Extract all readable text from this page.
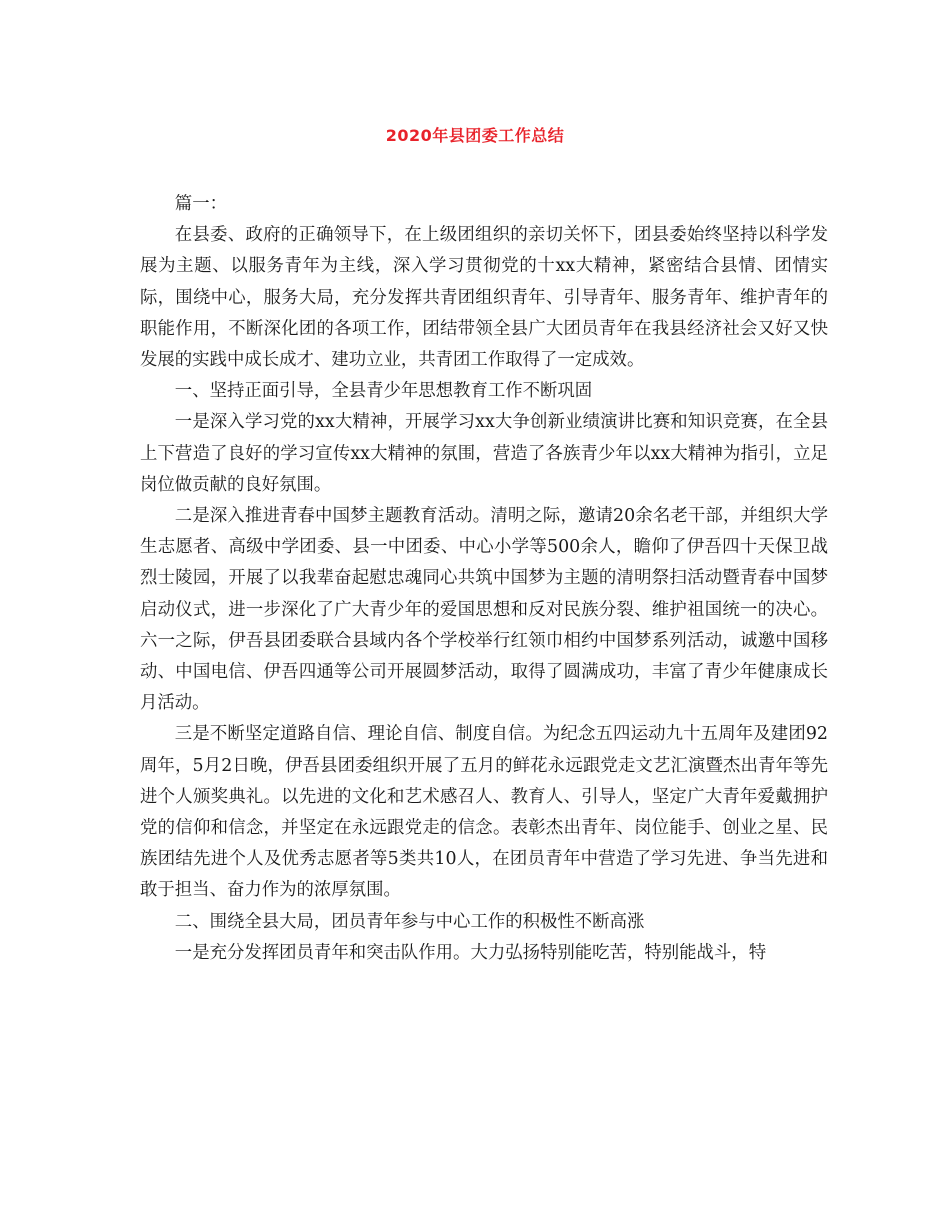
2020年县团委工作总结

篇一：

在县委、政府的正确领导下，在上级团组织的亲切关怀下，团县委始终坚持以科学发展为主题、以服务青年为主线，深入学习贯彻党的十xx大精神，紧密结合县情、团情实际，围绕中心，服务大局，充分发挥共青团组织青年、引导青年、服务青年、维护青年的职能作用，不断深化团的各项工作，团结带领全县广大团员青年在我县经济社会又好又快发展的实践中成长成才、建功立业，共青团工作取得了一定成效。

一、坚持正面引导，全县青少年思想教育工作不断巩固

一是深入学习党的xx大精神，开展学习xx大争创新业绩演讲比赛和知识竞赛，在全县上下营造了良好的学习宣传xx大精神的氛围，营造了各族青少年以xx大精神为指引，立足岗位做贡献的良好氛围。

二是深入推进青春中国梦主题教育活动。清明之际，邀请20余名老干部，并组织大学生志愿者、高级中学团委、县一中团委、中心小学等500余人，瞻仰了伊吾四十天保卫战烈士陵园，开展了以我辈奋起慰忠魂同心共筑中国梦为主题的清明祭扫活动暨青春中国梦启动仪式，进一步深化了广大青少年的爱国思想和反对民族分裂、维护祖国统一的决心。六一之际，伊吾县团委联合县域内各个学校举行红领巾相约中国梦系列活动，诚邀中国移动、中国电信、伊吾四通等公司开展圆梦活动，取得了圆满成功，丰富了青少年健康成长月活动。

三是不断坚定道路自信、理论自信、制度自信。为纪念五四运动九十五周年及建团92周年，5月2日晚，伊吾县团委组织开展了五月的鲜花永远跟党走文艺汇演暨杰出青年等先进个人颁奖典礼。以先进的文化和艺术感召人、教育人、引导人，坚定广大青年爱戴拥护党的信仰和信念，并坚定在永远跟党走的信念。表彰杰出青年、岗位能手、创业之星、民族团结先进个人及优秀志愿者等5类共10人，在团员青年中营造了学习先进、争当先进和敢于担当、奋力作为的浓厚氛围。

二、围绕全县大局，团员青年参与中心工作的积极性不断高涨

一是充分发挥团员青年和突击队作用。大力弘扬特别能吃苦，特别能战斗，特
